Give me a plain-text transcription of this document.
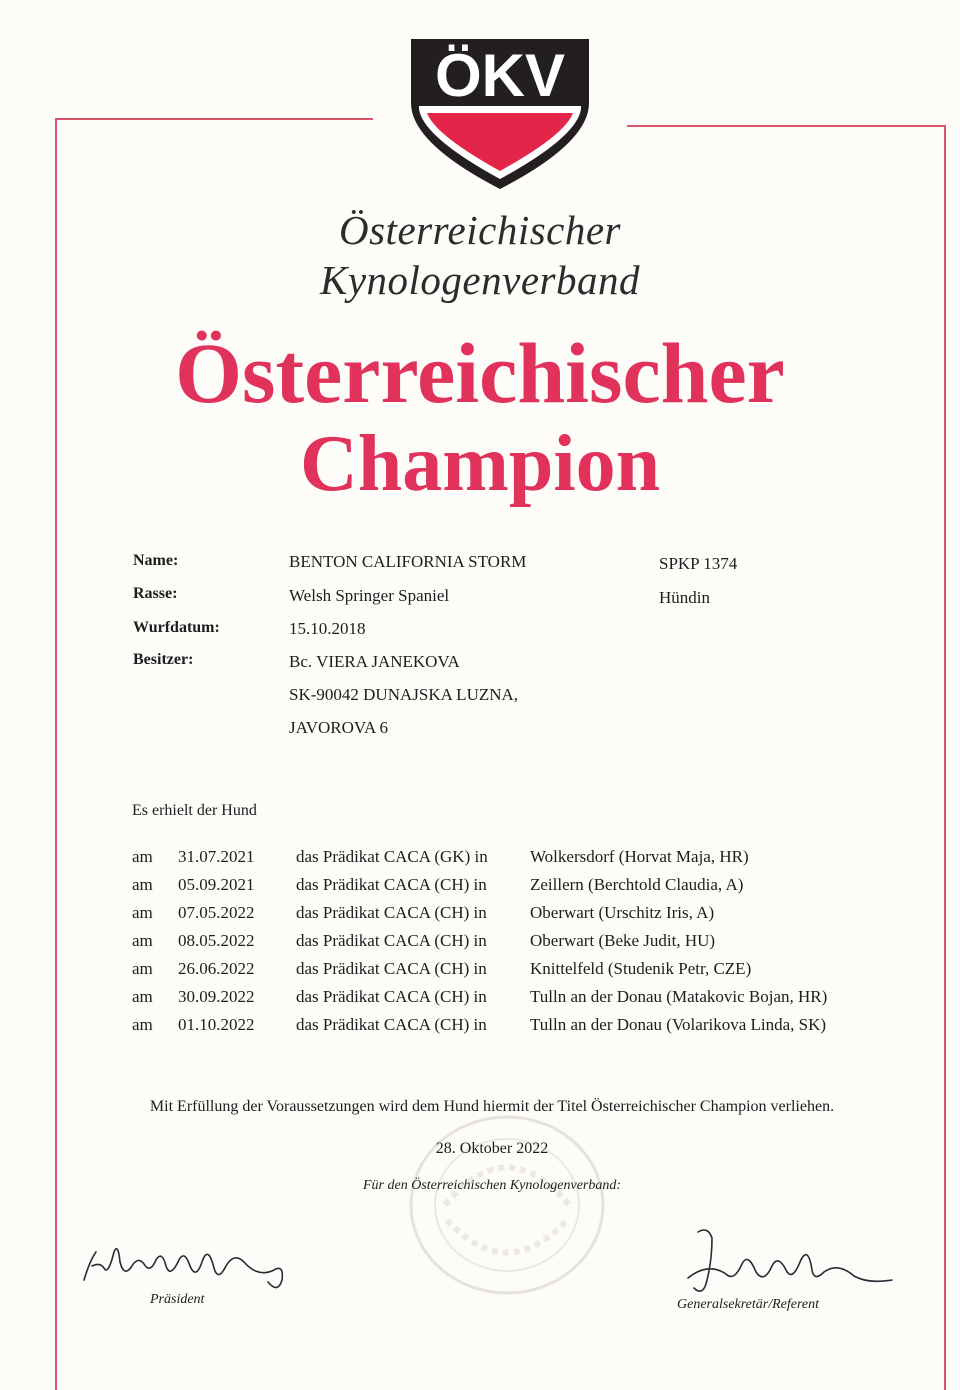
ÖKV
Österreichischer
Kynologenverband
Österreichischer
Champion
Name:	BENTON CALIFORNIA STORM	SPKP 1374
Rasse:	Welsh Springer Spaniel	Hündin
Wurfdatum:	15.10.2018
Besitzer:	Bc. VIERA JANEKOVA
SK-90042 DUNAJSKA LUZNA,
JAVOROVA 6
Es erhielt der Hund
am 31.07.2021 das Prädikat CACA (GK) in Wolkersdorf (Horvat Maja, HR)
am 05.09.2021 das Prädikat CACA (CH) in	Zeillern (Berchtold Claudia, A)
am 07.05.2022 das Prädikat CACA (CH) in	Oberwart (Urschitz Iris, A)
am 08.05.2022 das Prädikat CACA (CH) in	Oberwart (Beke Judit, HU)
am 26.06.2022 das Prädikat CACA (CH) in	Knittelfeld (Studenik Petr, CZE)
am 30.09.2022 das Prädikat CACA (CH) in	Tulln an der Donau (Matakovic Bojan, HR)
am 01.10.2022 das Prädikat CACA (CH) in	Tulln an der Donau (Volarikova Linda, SK)
Mit Erfüllung der Voraussetzungen wird dem Hund hiermit der Titel Österreichischer Champion verliehen.
28. Oktober 2022
Für den Österreichischen Kynologenverband:
Präsident	Generalsekretär/Referent
